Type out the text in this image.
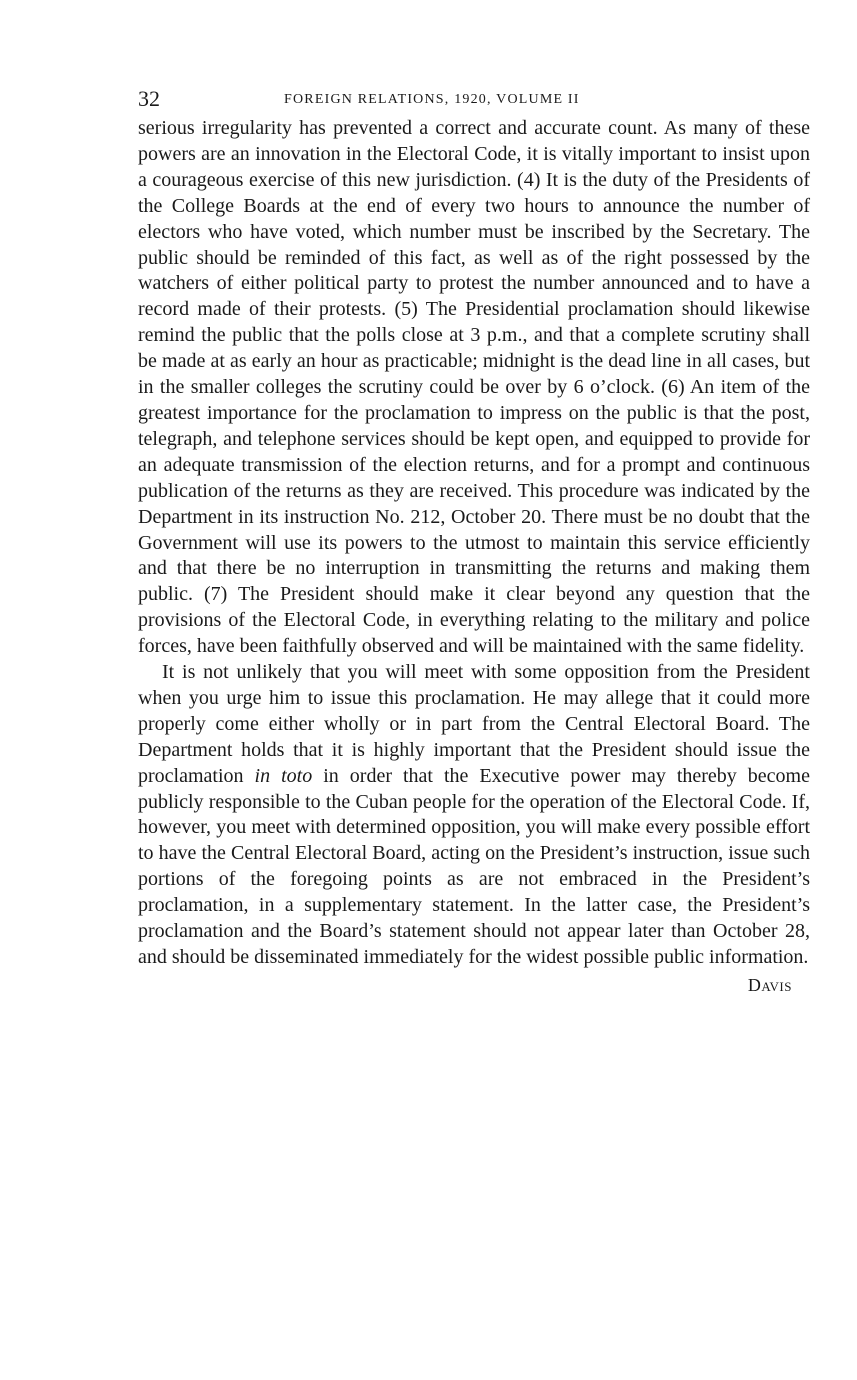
32	FOREIGN RELATIONS, 1920, VOLUME II

serious irregularity has prevented a correct and accurate count. As many of these powers are an innovation in the Electoral Code, it is vitally important to insist upon a courageous exercise of this new jurisdiction. (4) It is the duty of the Presidents of the College Boards at the end of every two hours to announce the number of electors who have voted, which number must be inscribed by the Secretary. The public should be reminded of this fact, as well as of the right possessed by the watchers of either political party to protest the number announced and to have a record made of their protests. (5) The Presidential proclamation should likewise remind the public that the polls close at 3 p.m., and that a complete scrutiny shall be made at as early an hour as practicable; midnight is the dead line in all cases, but in the smaller colleges the scrutiny could be over by 6 o’clock. (6) An item of the greatest importance for the proclamation to impress on the public is that the post, telegraph, and telephone services should be kept open, and equipped to provide for an adequate transmission of the election returns, and for a prompt and continuous publication of the returns as they are received. This procedure was indicated by the Department in its instruction No. 212, October 20. There must be no doubt that the Government will use its powers to the utmost to maintain this service efficiently and that there be no interruption in transmitting the returns and making them public. (7) The President should make it clear beyond any question that the provisions of the Electoral Code, in everything relating to the military and police forces, have been faithfully observed and will be maintained with the same fidelity.

It is not unlikely that you will meet with some opposition from the President when you urge him to issue this proclamation. He may allege that it could more properly come either wholly or in part from the Central Electoral Board. The Department holds that it is highly important that the President should issue the proclamation in toto in order that the Executive power may thereby become publicly responsible to the Cuban people for the operation of the Electoral Code. If, however, you meet with determined opposition, you will make every possible effort to have the Central Electoral Board, acting on the President’s instruction, issue such portions of the foregoing points as are not embraced in the President’s proclamation, in a supplementary statement. In the latter case, the President’s proclamation and the Board’s statement should not appear later than October 28, and should be disseminated immediately for the widest possible public information.

Davis
